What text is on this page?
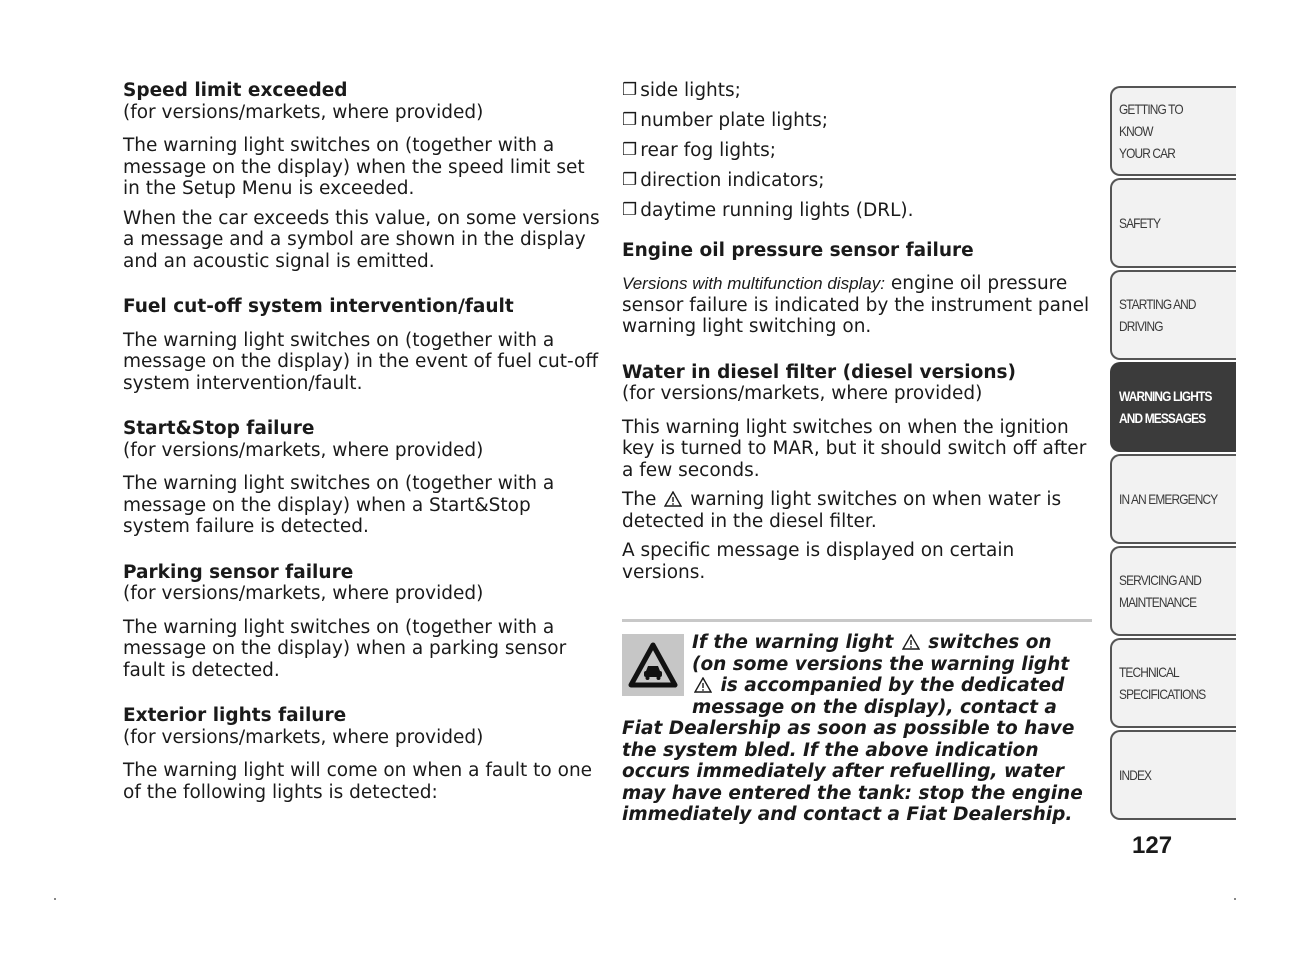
Speed limit exceeded
(for versions/markets, where provided)

The warning light switches on (together with a message on the display) when the speed limit set in the Setup Menu is exceeded.

When the car exceeds this value, on some versions a message and a symbol are shown in the display and an acoustic signal is emitted.

Fuel cut-off system intervention/fault

The warning light switches on (together with a message on the display) in the event of fuel cut-off system intervention/fault.

Start&Stop failure
(for versions/markets, where provided)

The warning light switches on (together with a message on the display) when a Start&Stop system failure is detected.

Parking sensor failure
(for versions/markets, where provided)

The warning light switches on (together with a message on the display) when a parking sensor fault is detected.

Exterior lights failure
(for versions/markets, where provided)

The warning light will come on when a fault to one of the following lights is detected:

❒ side lights;
❒ number plate lights;
❒ rear fog lights;
❒ direction indicators;
❒ daytime running lights (DRL).
Engine oil pressure sensor failure

Versions with multifunction display: engine oil pressure sensor failure is indicated by the instrument panel warning light switching on.

Water in diesel filter (diesel versions)
(for versions/markets, where provided)

This warning light switches on when the ignition key is turned to MAR, but it should switch off after a few seconds.

The warning light switches on when water is detected in the diesel filter.

A specific message is displayed on certain versions.

If the warning light switches on (on some versions the warning light  is accompanied by the dedicated message on the display), contact a Fiat Dealership as soon as possible to have the system bled. If the above indication occurs immediately after refuelling, water may have entered the tank: stop the engine immediately and contact a Fiat Dealership.
GETTING TO KNOW
YOUR CAR
SAFETY
STARTING AND
DRIVING
WARNING LIGHTS
AND MESSAGES
IN AN EMERGENCY
SERVICING AND
MAINTENANCE
TECHNICAL
SPECIFICATIONS
INDEX
127
